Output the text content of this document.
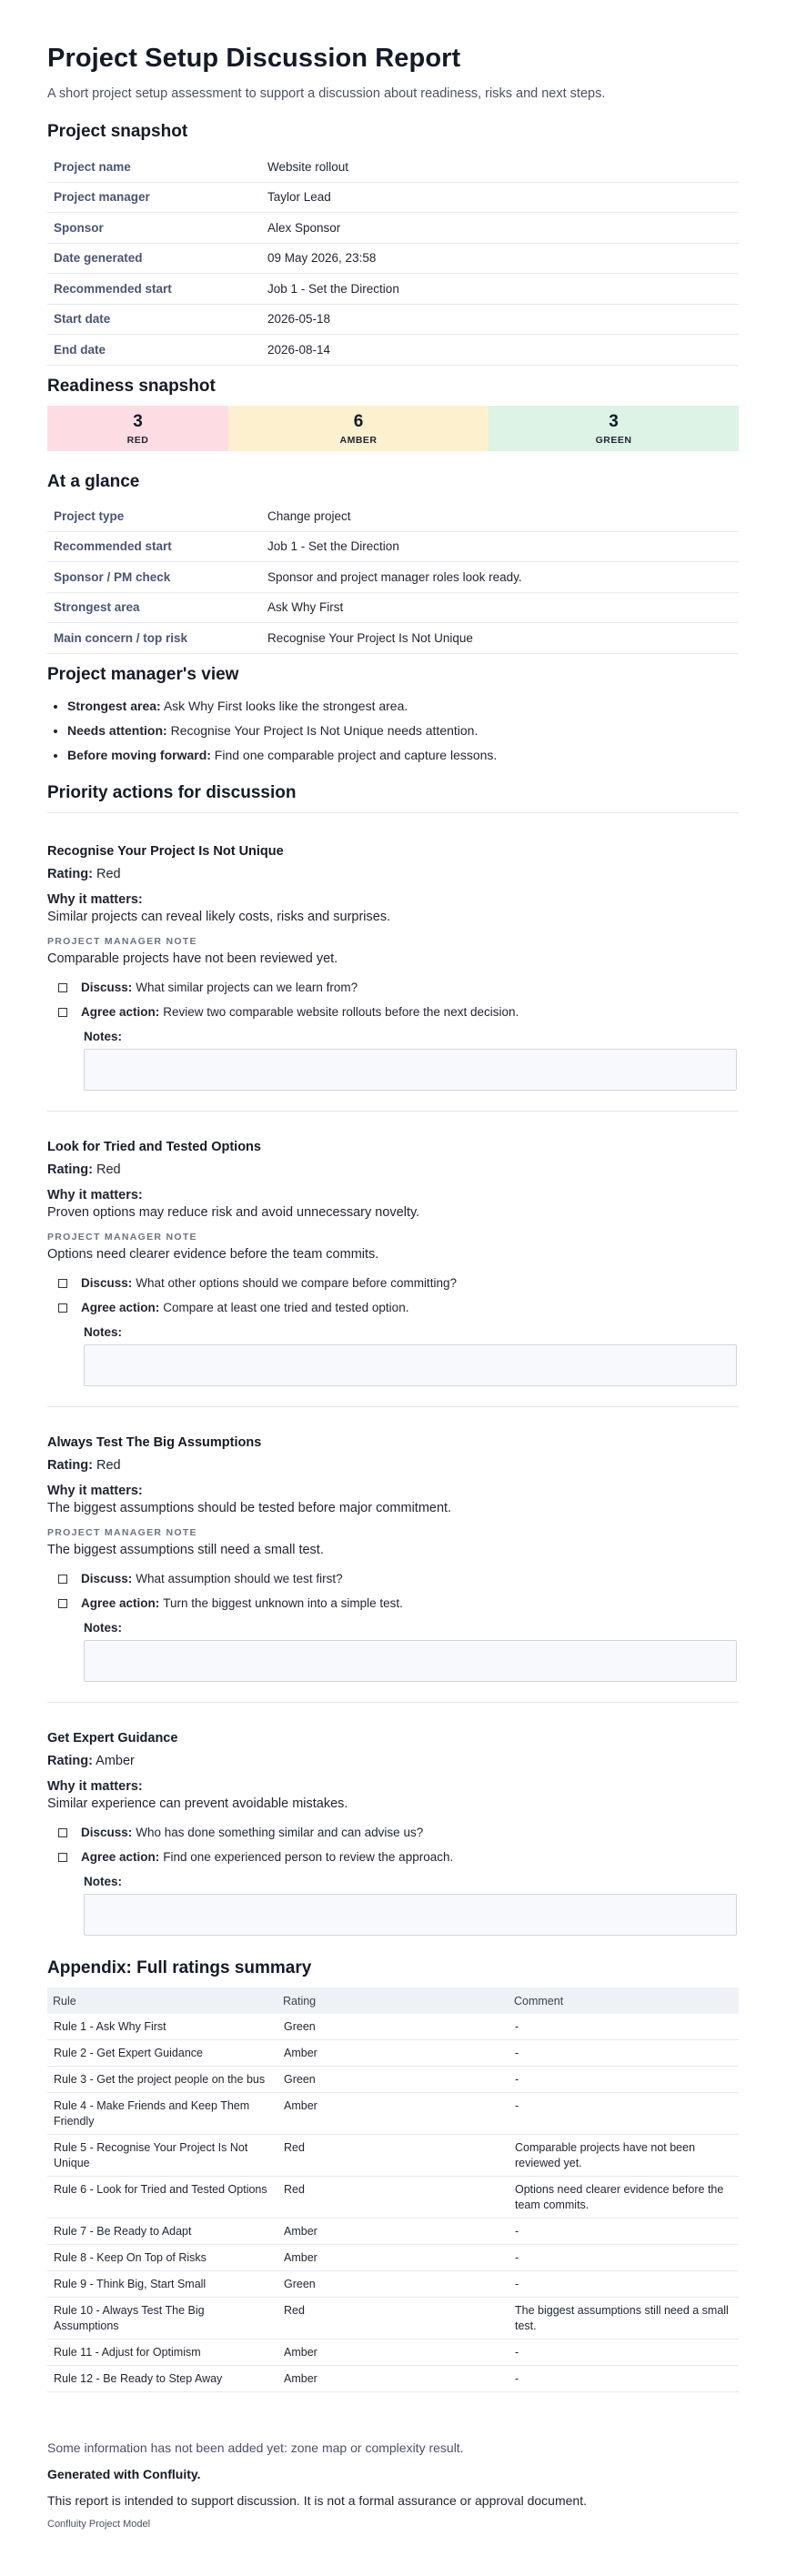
Project Setup Discussion Report
A short project setup assessment to support a discussion about readiness, risks and next steps.
Project snapshot
Project name	Website rollout
Project manager	Taylor Lead
Sponsor	Alex Sponsor
Date generated	09 May 2026, 23:58
Recommended start	Job 1 - Set the Direction
Start date	2026-05-18
End date	2026-08-14
Readiness snapshot
3
RED
6
AMBER
3
GREEN
At a glance
Project type	Change project
Recommended start	Job 1 - Set the Direction
Sponsor / PM check	Sponsor and project manager roles look ready.
Strongest area	Ask Why First
Main concern / top risk	Recognise Your Project Is Not Unique
Project manager's view
• Strongest area: Ask Why First looks like the strongest area.
• Needs attention: Recognise Your Project Is Not Unique needs attention.
• Before moving forward: Find one comparable project and capture lessons.
Priority actions for discussion
Recognise Your Project Is Not Unique
Rating: Red
Why it matters:
Similar projects can reveal likely costs, risks and surprises.
PROJECT MANAGER NOTE
Comparable projects have not been reviewed yet.
Discuss: What similar projects can we learn from?
Agree action: Review two comparable website rollouts before the next decision.
Notes:
Look for Tried and Tested Options
Rating: Red
Why it matters:
Proven options may reduce risk and avoid unnecessary novelty.
PROJECT MANAGER NOTE
Options need clearer evidence before the team commits.
Discuss: What other options should we compare before committing?
Agree action: Compare at least one tried and tested option.
Notes:
Always Test The Big Assumptions
Rating: Red
Why it matters:
The biggest assumptions should be tested before major commitment.
PROJECT MANAGER NOTE
The biggest assumptions still need a small test.
Discuss: What assumption should we test first?
Agree action: Turn the biggest unknown into a simple test.
Notes:
Get Expert Guidance
Rating: Amber
Why it matters:
Similar experience can prevent avoidable mistakes.
Discuss: Who has done something similar and can advise us?
Agree action: Find one experienced person to review the approach.
Notes:
Appendix: Full ratings summary
Rule	Rating	Comment
Rule 1 - Ask Why First	Green	-
Rule 2 - Get Expert Guidance	Amber	-
Rule 3 - Get the project people on the bus	Green	-
Rule 4 - Make Friends and Keep Them Friendly	Amber	-
Rule 5 - Recognise Your Project Is Not Unique	Red	Comparable projects have not been reviewed yet.
Rule 6 - Look for Tried and Tested Options	Red	Options need clearer evidence before the team commits.
Rule 7 - Be Ready to Adapt	Amber	-
Rule 8 - Keep On Top of Risks	Amber	-
Rule 9 - Think Big, Start Small	Green	-
Rule 10 - Always Test The Big Assumptions	Red	The biggest assumptions still need a small test.
Rule 11 - Adjust for Optimism	Amber	-
Rule 12 - Be Ready to Step Away	Amber	-
Some information has not been added yet: zone map or complexity result.
Generated with Confluity.
This report is intended to support discussion. It is not a formal assurance or approval document.
Confluity Project Model
